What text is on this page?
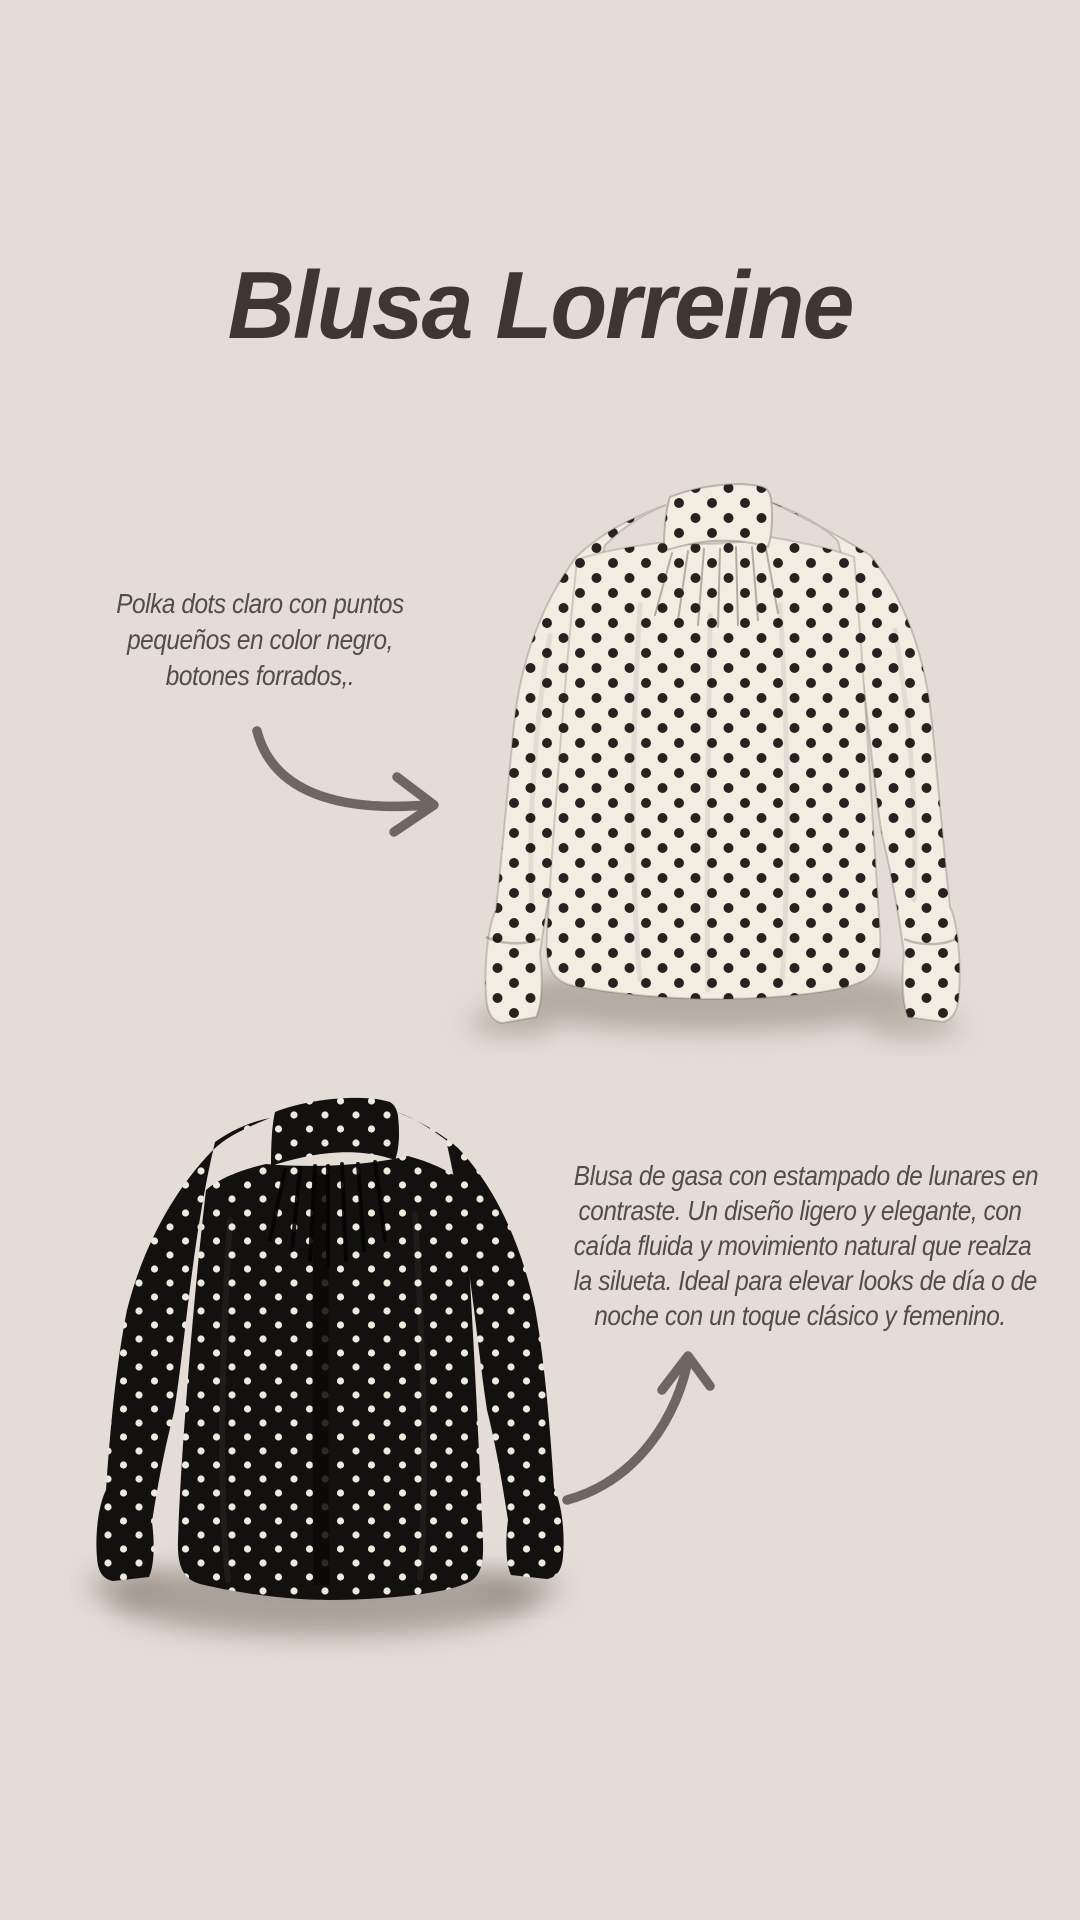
Blusa Lorreine
Polka dots claro con puntos
pequeños en color negro,
botones forrados,.
Blusa de gasa con estampado de lunares en
contraste. Un diseño ligero y elegante, con
caída fluida y movimiento natural que realza
la silueta. Ideal para elevar looks de día o de
noche con un toque clásico y femenino.
